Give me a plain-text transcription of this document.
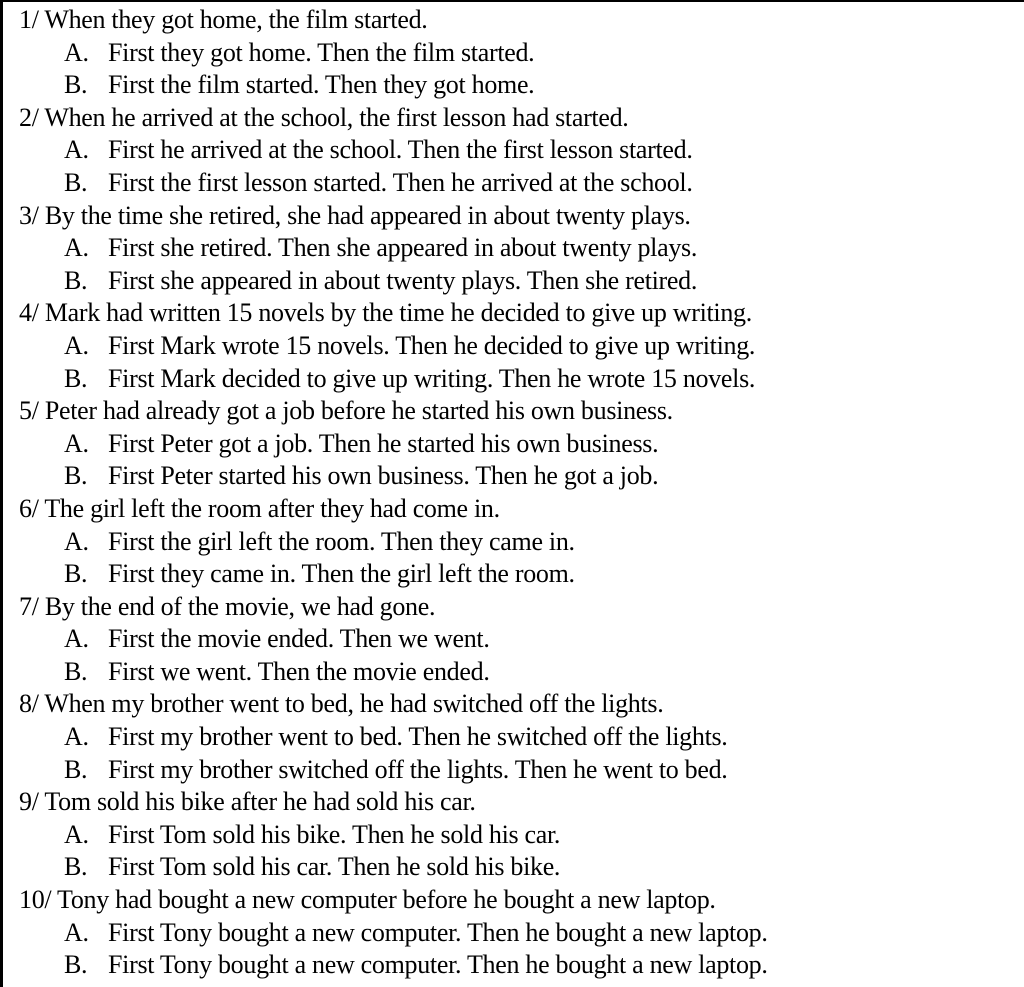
1/ When they got home, the film started.
A. First they got home. Then the film started.
B. First the film started. Then they got home.
2/ When he arrived at the school, the first lesson had started.
A. First he arrived at the school. Then the first lesson started.
B. First the first lesson started. Then he arrived at the school.
3/ By the time she retired, she had appeared in about twenty plays.
A. First she retired. Then she appeared in about twenty plays.
B. First she appeared in about twenty plays. Then she retired.
4/ Mark had written 15 novels by the time he decided to give up writing.
A. First Mark wrote 15 novels. Then he decided to give up writing.
B. First Mark decided to give up writing. Then he wrote 15 novels.
5/ Peter had already got a job before he started his own business.
A. First Peter got a job. Then he started his own business.
B. First Peter started his own business. Then he got a job.
6/ The girl left the room after they had come in.
A. First the girl left the room. Then they came in.
B. First they came in. Then the girl left the room.
7/ By the end of the movie, we had gone.
A. First the movie ended. Then we went.
B. First we went. Then the movie ended.
8/ When my brother went to bed, he had switched off the lights.
A. First my brother went to bed. Then he switched off the lights.
B. First my brother switched off the lights. Then he went to bed.
9/ Tom sold his bike after he had sold his car.
A. First Tom sold his bike. Then he sold his car.
B. First Tom sold his car. Then he sold his bike.
10/ Tony had bought a new computer before he bought a new laptop.
A. First Tony bought a new computer. Then he bought a new laptop.
B. First Tony bought a new computer. Then he bought a new laptop.
